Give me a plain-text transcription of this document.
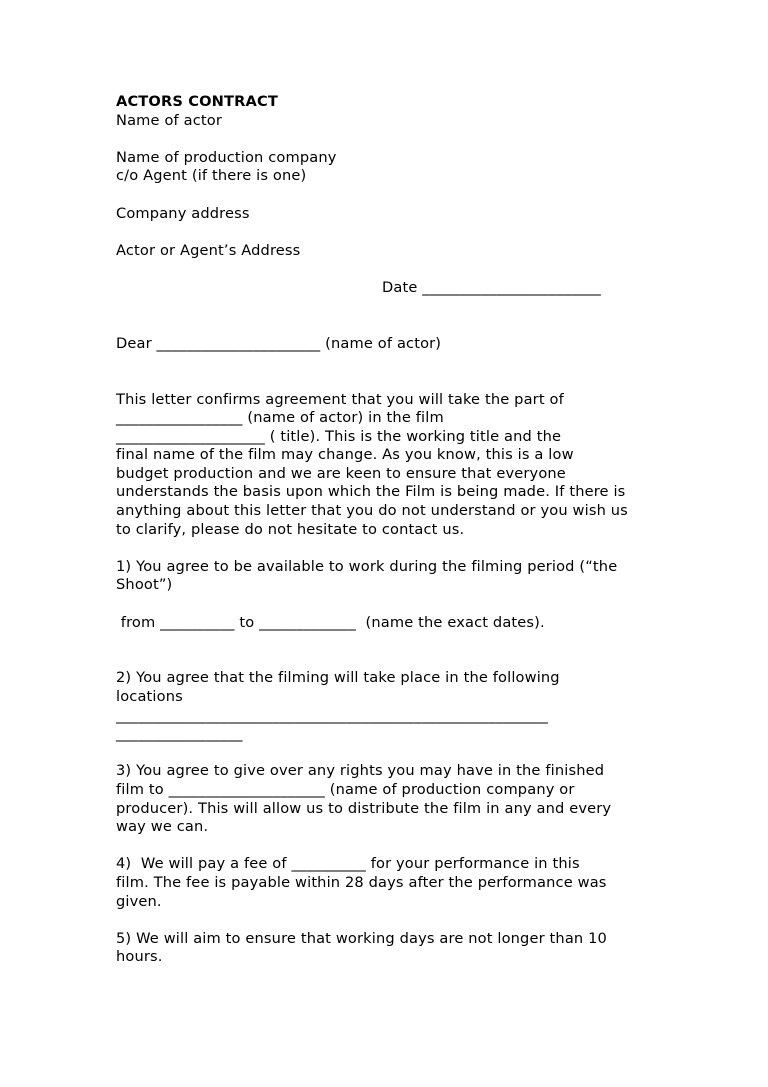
ACTORS CONTRACT

Name of actor

Name of production company

c/o Agent (if there is one)

Company address

Actor or Agent’s Address

Date ________________________

Dear ______________________ (name of actor)

This letter confirms agreement that you will take the part of

_________________ (name of actor) in the film

____________________ ( title). This is the working title and the

final name of the film may change. As you know, this is a low

budget production and we are keen to ensure that everyone

understands the basis upon which the Film is being made. If there is

anything about this letter that you do not understand or you wish us

to clarify, please do not hesitate to contact us.

1) You agree to be available to work during the filming period (“the

Shoot”)

from __________ to _____________  (name the exact dates).

2) You agree that the filming will take place in the following

locations

__________________________________________________________

_________________

3) You agree to give over any rights you may have in the finished

film to _____________________ (name of production company or

producer). This will allow us to distribute the film in any and every

way we can.

4)  We will pay a fee of __________ for your performance in this

film. The fee is payable within 28 days after the performance was

given.

5) We will aim to ensure that working days are not longer than 10

hours.
